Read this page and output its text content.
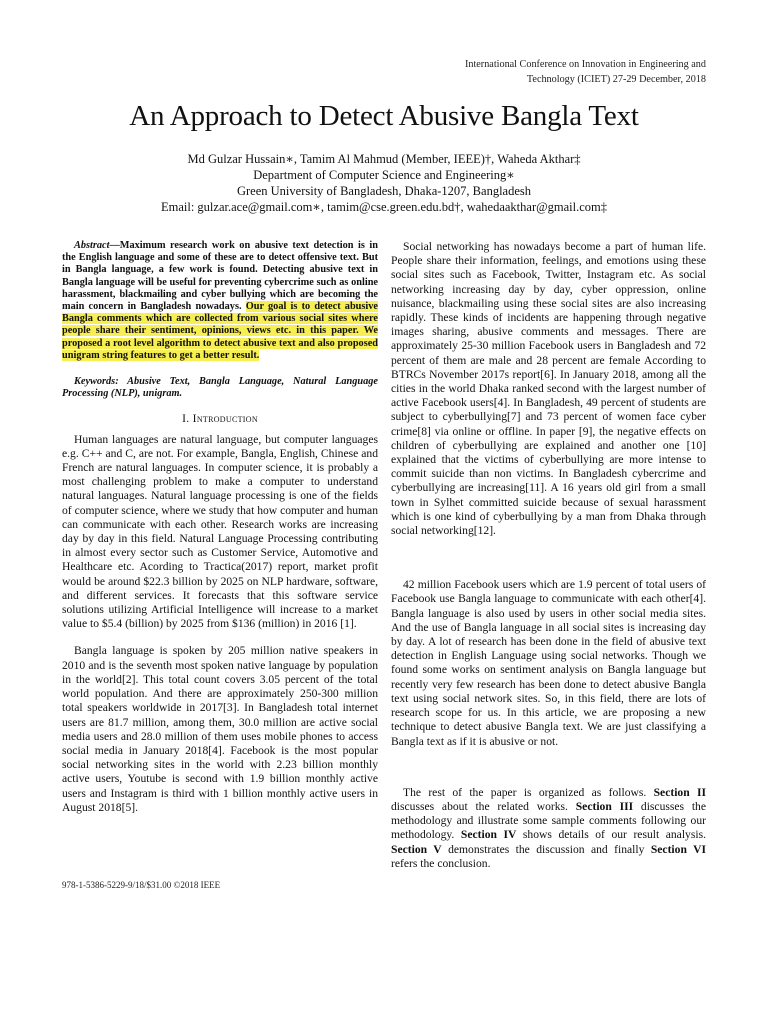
International Conference on Innovation in Engineering and
Technology (ICIET) 27-29 December, 2018
An Approach to Detect Abusive Bangla Text
Md Gulzar Hussain∗, Tamim Al Mahmud (Member, IEEE)†, Waheda Akthar‡
Department of Computer Science and Engineering∗
Green University of Bangladesh, Dhaka-1207, Bangladesh
Email: gulzar.ace@gmail.com∗, tamim@cse.green.edu.bd†, wahedaakthar@gmail.com‡

Abstract—Maximum research work on abusive text detection is in the English language and some of these are to detect offensive text. But in Bangla language, a few work is found. Detecting abusive text in Bangla language will be useful for preventing cybercrime such as online harassment, blackmailing and cyber bullying which are becoming the main concern in Bangladesh nowadays. Our goal is to detect abusive Bangla comments which are collected from various social sites where people share their sentiment, opinions, views etc. in this paper. We proposed a root level algorithm to detect abusive text and also proposed unigram string features to get a better result.

Keywords: Abusive Text, Bangla Language, Natural Language Processing (NLP), unigram.

I. Introduction

Human languages are natural language, but computer languages e.g. C++ and C, are not. For example, Bangla, English, Chinese and French are natural languages. In computer science, it is probably a most challenging problem to make a computer to understand natural languages. Natural language processing is one of the fields of computer science, where we study that how computer and human can communicate with each other. Research works are increasing day by day in this field. Natural Language Processing contributing in almost every sector such as Customer Service, Automotive and Healthcare etc. Acording to Tractica(2017) report, market profit would be around $22.3 billion by 2025 on NLP hardware, software, and different services. It forecasts that this software service solutions utilizing Artificial Intelligence will increase to a market value to $5.4 (billion) by 2025 from $136 (million) in 2016 [1].

Bangla language is spoken by 205 million native speakers in 2010 and is the seventh most spoken native language by population in the world[2]. This total count covers 3.05 percent of the total world population. And there are approximately 250-300 million total speakers worldwide in 2017[3]. In Bangladesh total internet users are 81.7 million, among them, 30.0 million are active social media users and 28.0 million of them uses mobile phones to access social media in January 2018[4]. Facebook is the most popular social networking sites in the world with 2.23 billion monthly active users, Youtube is second with 1.9 billion monthly active users and Instagram is third with 1 billion monthly active users in August 2018[5].

Social networking has nowadays become a part of human life. People share their information, feelings, and emotions using these social sites such as Facebook, Twitter, Instagram etc. As social networking increasing day by day, cyber oppression, online nuisance, blackmailing using these social sites are also increasing rapidly. These kinds of incidents are happening through negative images sharing, abusive comments and messages. There are approximately 25-30 million Facebook users in Bangladesh and 72 percent of them are male and 28 percent are female According to BTRCs November 2017s report[6]. In January 2018, among all the cities in the world Dhaka ranked second with the largest number of active Facebook users[4]. In Bangladesh, 49 percent of students are subject to cyberbullying[7] and 73 percent of women face cyber crime[8] via online or offline. In paper [9], the negative effects on children of cyberbullying are explained and another one [10] explained that the victims of cyberbullying are more intense to commit suicide than non victims. In Bangladesh cybercrime and cyberbullying are increasing[11]. A 16 years old girl from a small town in Sylhet committed suicide because of sexual harassment which is one kind of cyberbullying by a man from Dhaka through social networking[12].

42 million Facebook users which are 1.9 percent of total users of Facebook use Bangla language to communicate with each other[4]. Bangla language is also used by users in other social media sites. And the use of Bangla language in all social sites is increasing day by day. A lot of research has been done in the field of abusive text detection in English Language using social networks. Though we found some works on sentiment analysis on Bangla language but recently very few research has been done to detect abusive Bangla text using social network sites. So, in this field, there are lots of research scope for us. In this article, we are proposing a new technique to detect abusive Bangla text. We are just classifying a Bangla text as if it is abusive or not.

The rest of the paper is organized as follows. Section II discusses about the related works. Section III discusses the methodology and illustrate some sample comments following our methodology. Section IV shows details of our result analysis. Section V demonstrates the discussion and finally Section VI refers the conclusion.

978-1-5386-5229-9/18/$31.00 ©2018 IEEE
